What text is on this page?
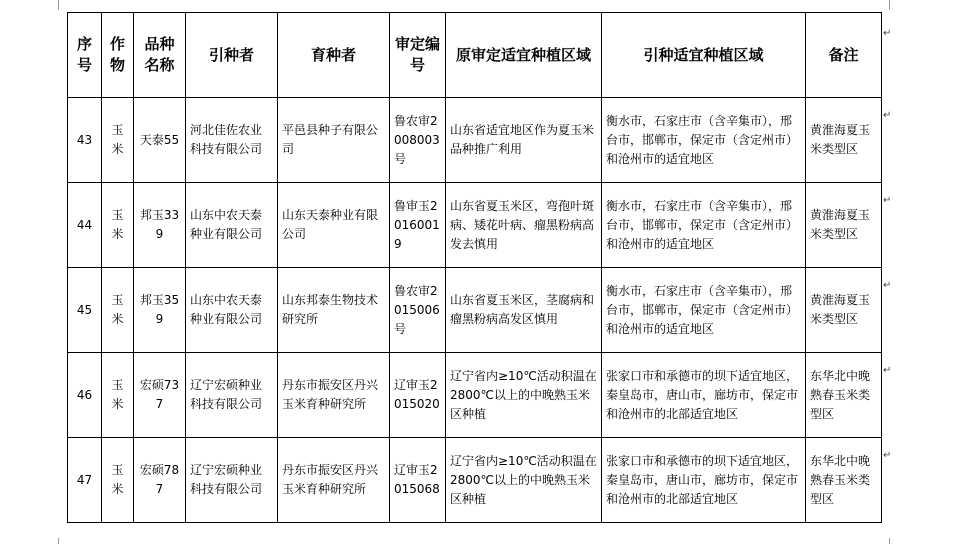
序号	作物	品种名称	引种者	育种者	审定编号	原审定适宜种植区域	引种适宜种植区域	备注
43	玉米	天泰55	河北佳佐农业科技有限公司	平邑县种子有限公司	鲁农审2008003号	山东省适宜地区作为夏玉米品种推广利用	衡水市，石家庄市（含辛集市），邢台市，邯郸市，保定市（含定州市）和沧州市的适宜地区	黄淮海夏玉米类型区
44	玉米	邦玉339	山东中农天泰种业有限公司	山东天泰种业有限公司	鲁审玉20160019	山东省夏玉米区，弯孢叶斑病、矮花叶病、瘤黑粉病高发去慎用	衡水市，石家庄市（含辛集市），邢台市，邯郸市，保定市（含定州市）和沧州市的适宜地区	黄淮海夏玉米类型区
45	玉米	邦玉359	山东中农天泰种业有限公司	山东邦泰生物技术研究所	鲁农审2015006号	山东省夏玉米区，茎腐病和瘤黑粉病高发区慎用	衡水市，石家庄市（含辛集市），邢台市，邯郸市，保定市（含定州市）和沧州市的适宜地区	黄淮海夏玉米类型区
46	玉米	宏硕737	辽宁宏硕种业科技有限公司	丹东市振安区丹兴玉米育种研究所	辽审玉2015020	辽宁省内≥10℃活动积温在2800℃以上的中晚熟玉米区种植	张家口市和承德市的坝下适宜地区，秦皇岛市，唐山市，廊坊市，保定市和沧州市的北部适宜地区	东华北中晚熟春玉米类型区
47	玉米	宏硕787	辽宁宏硕种业科技有限公司	丹东市振安区丹兴玉米育种研究所	辽审玉2015068	辽宁省内≥10℃活动积温在2800℃以上的中晚熟玉米区种植	张家口市和承德市的坝下适宜地区，秦皇岛市，唐山市，廊坊市，保定市和沧州市的北部适宜地区	东华北中晚熟春玉米类型区
↵
↵
↵
↵
↵
↵
